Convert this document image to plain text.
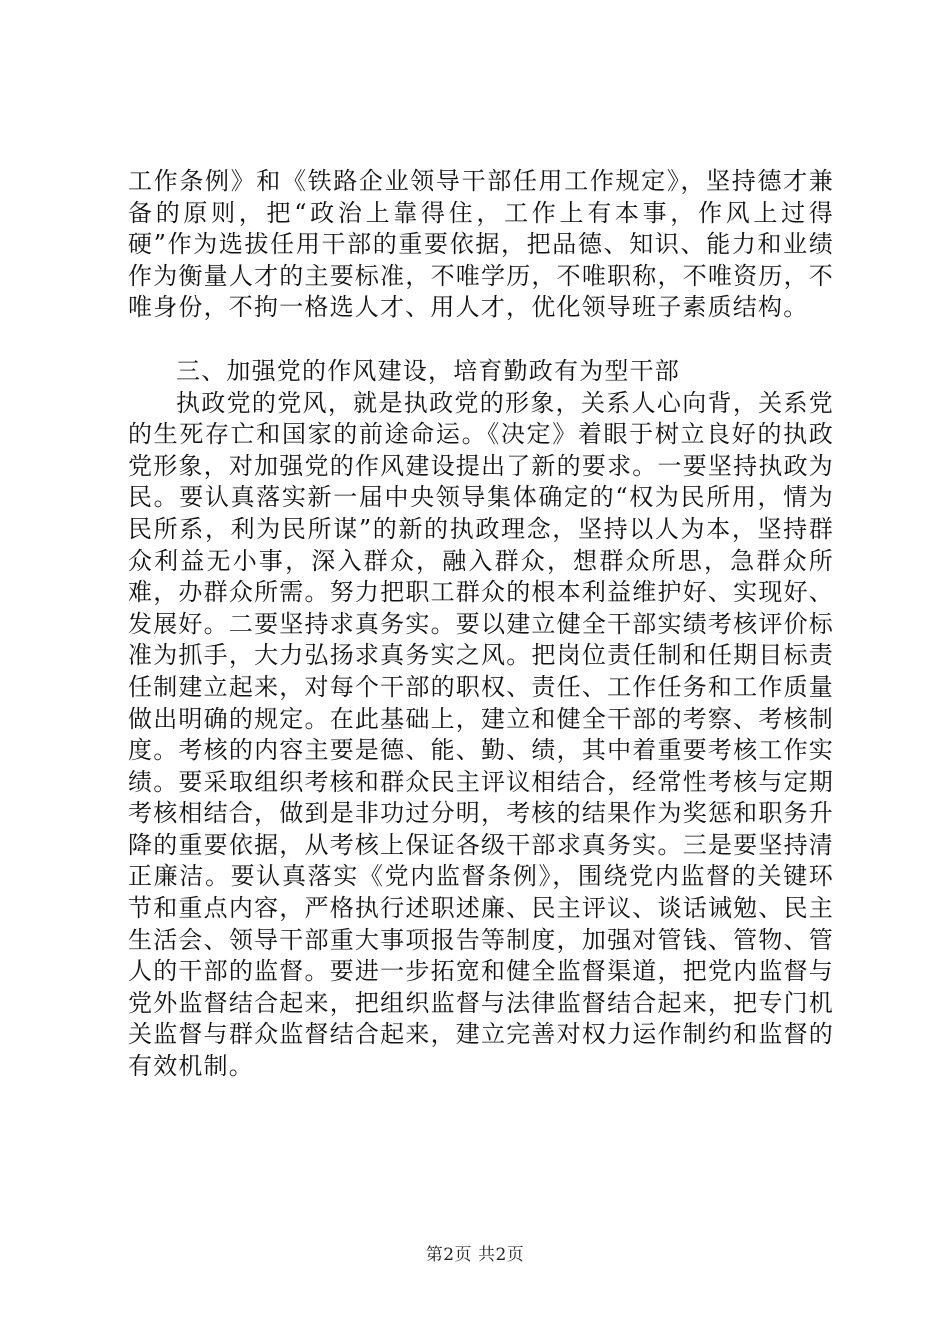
工作条例》和《铁路企业领导干部任用工作规定》，坚持德才兼备的原则，把“政治上靠得住，工作上有本事，作风上过得硬”作为选拔任用干部的重要依据，把品德、知识、能力和业绩作为衡量人才的主要标准，不唯学历，不唯职称，不唯资历，不唯身份，不拘一格选人才、用人才，优化领导班子素质结构。

三、加强党的作风建设，培育勤政有为型干部

执政党的党风，就是执政党的形象，关系人心向背，关系党的生死存亡和国家的前途命运。《决定》着眼于树立良好的执政党形象，对加强党的作风建设提出了新的要求。一要坚持执政为民。要认真落实新一届中央领导集体确定的“权为民所用，情为民所系，利为民所谋”的新的执政理念，坚持以人为本，坚持群众利益无小事，深入群众，融入群众，想群众所思，急群众所难，办群众所需。努力把职工群众的根本利益维护好、实现好、发展好。二要坚持求真务实。要以建立健全干部实绩考核评价标准为抓手，大力弘扬求真务实之风。把岗位责任制和任期目标责任制建立起来，对每个干部的职权、责任、工作任务和工作质量做出明确的规定。在此基础上，建立和健全干部的考察、考核制度。考核的内容主要是德、能、勤、绩，其中着重要考核工作实绩。要采取组织考核和群众民主评议相结合，经常性考核与定期考核相结合，做到是非功过分明，考核的结果作为奖惩和职务升降的重要依据，从考核上保证各级干部求真务实。三是要坚持清正廉洁。要认真落实《党内监督条例》，围绕党内监督的关键环节和重点内容，严格执行述职述廉、民主评议、谈话诫勉、民主生活会、领导干部重大事项报告等制度，加强对管钱、管物、管人的干部的监督。要进一步拓宽和健全监督渠道，把党内监督与党外监督结合起来，把组织监督与法律监督结合起来，把专门机关监督与群众监督结合起来，建立完善对权力运作制约和监督的有效机制。

第2页 共2页
